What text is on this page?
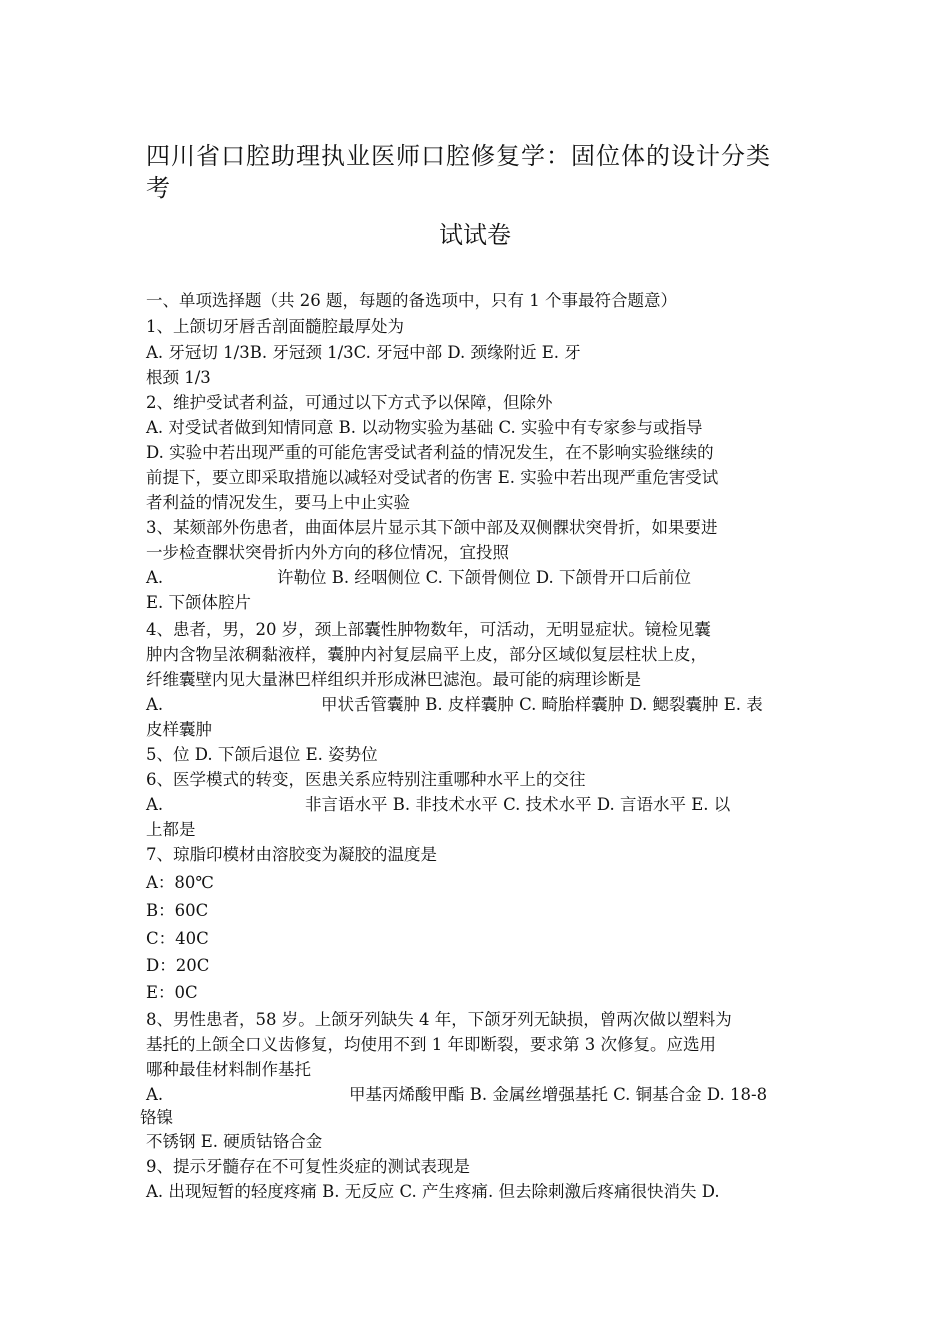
四川省口腔助理执业医师口腔修复学：固位体的设计分类
考
试试卷
一、单项选择题（共 26 题，每题的备选项中，只有 1 个事最符合题意）
1、上颌切牙唇舌剖面髓腔最厚处为
A. 牙冠切 1/3B. 牙冠颈 1/3C. 牙冠中部 D. 颈缘附近 E. 牙
根颈 1/3
2、维护受试者利益，可通过以下方式予以保障，但除外
A. 对受试者做到知情同意 B. 以动物实验为基础 C. 实验中有专家参与或指导
D. 实验中若出现严重的可能危害受试者利益的情况发生，在不影响实验继续的
前提下，要立即采取措施以减轻对受试者的伤害 E. 实验中若出现严重危害受试
者利益的情况发生，要马上中止实验
3、某颏部外伤患者，曲面体层片显示其下颌中部及双侧髁状突骨折，如果要进
一步检查髁状突骨折内外方向的移位情况，宜投照
A.	许勒位 B. 经咽侧位 C. 下颌骨侧位 D. 下颌骨开口后前位
E. 下颌体腔片
4、患者，男，20 岁，颈上部囊性肿物数年，可活动，无明显症状。镜检见囊
肿内含物呈浓稠黏液样，囊肿内衬复层扁平上皮，部分区域似复层柱状上皮，
纤维囊壁内见大量淋巴样组织并形成淋巴滤泡。最可能的病理诊断是
A.	甲状舌管囊肿 B. 皮样囊肿 C. 畸胎样囊肿 D. 鳃裂囊肿 E. 表
皮样囊肿
5、位 D. 下颌后退位 E. 姿势位
6、医学模式的转变，医患关系应特别注重哪种水平上的交往
A.	非言语水平 B. 非技术水平 C. 技术水平 D. 言语水平 E. 以
上都是
7、琼脂印模材由溶胶变为凝胶的温度是
A：80℃
B：60C
C：40C
D：20C
E：0C
8、男性患者，58 岁。上颌牙列缺失 4 年，下颌牙列无缺损，曾两次做以塑料为
基托的上颌全口义齿修复，均使用不到 1 年即断裂，要求第 3 次修复。应选用
哪种最佳材料制作基托
A.	甲基丙烯酸甲酯 B. 金属丝增强基托 C. 铜基合金 D. 18-8
铬镍
不锈钢 E. 硬质钴铬合金
9、提示牙髓存在不可复性炎症的测试表现是
A. 出现短暂的轻度疼痛 B. 无反应 C. 产生疼痛. 但去除刺激后疼痛很快消失 D.
